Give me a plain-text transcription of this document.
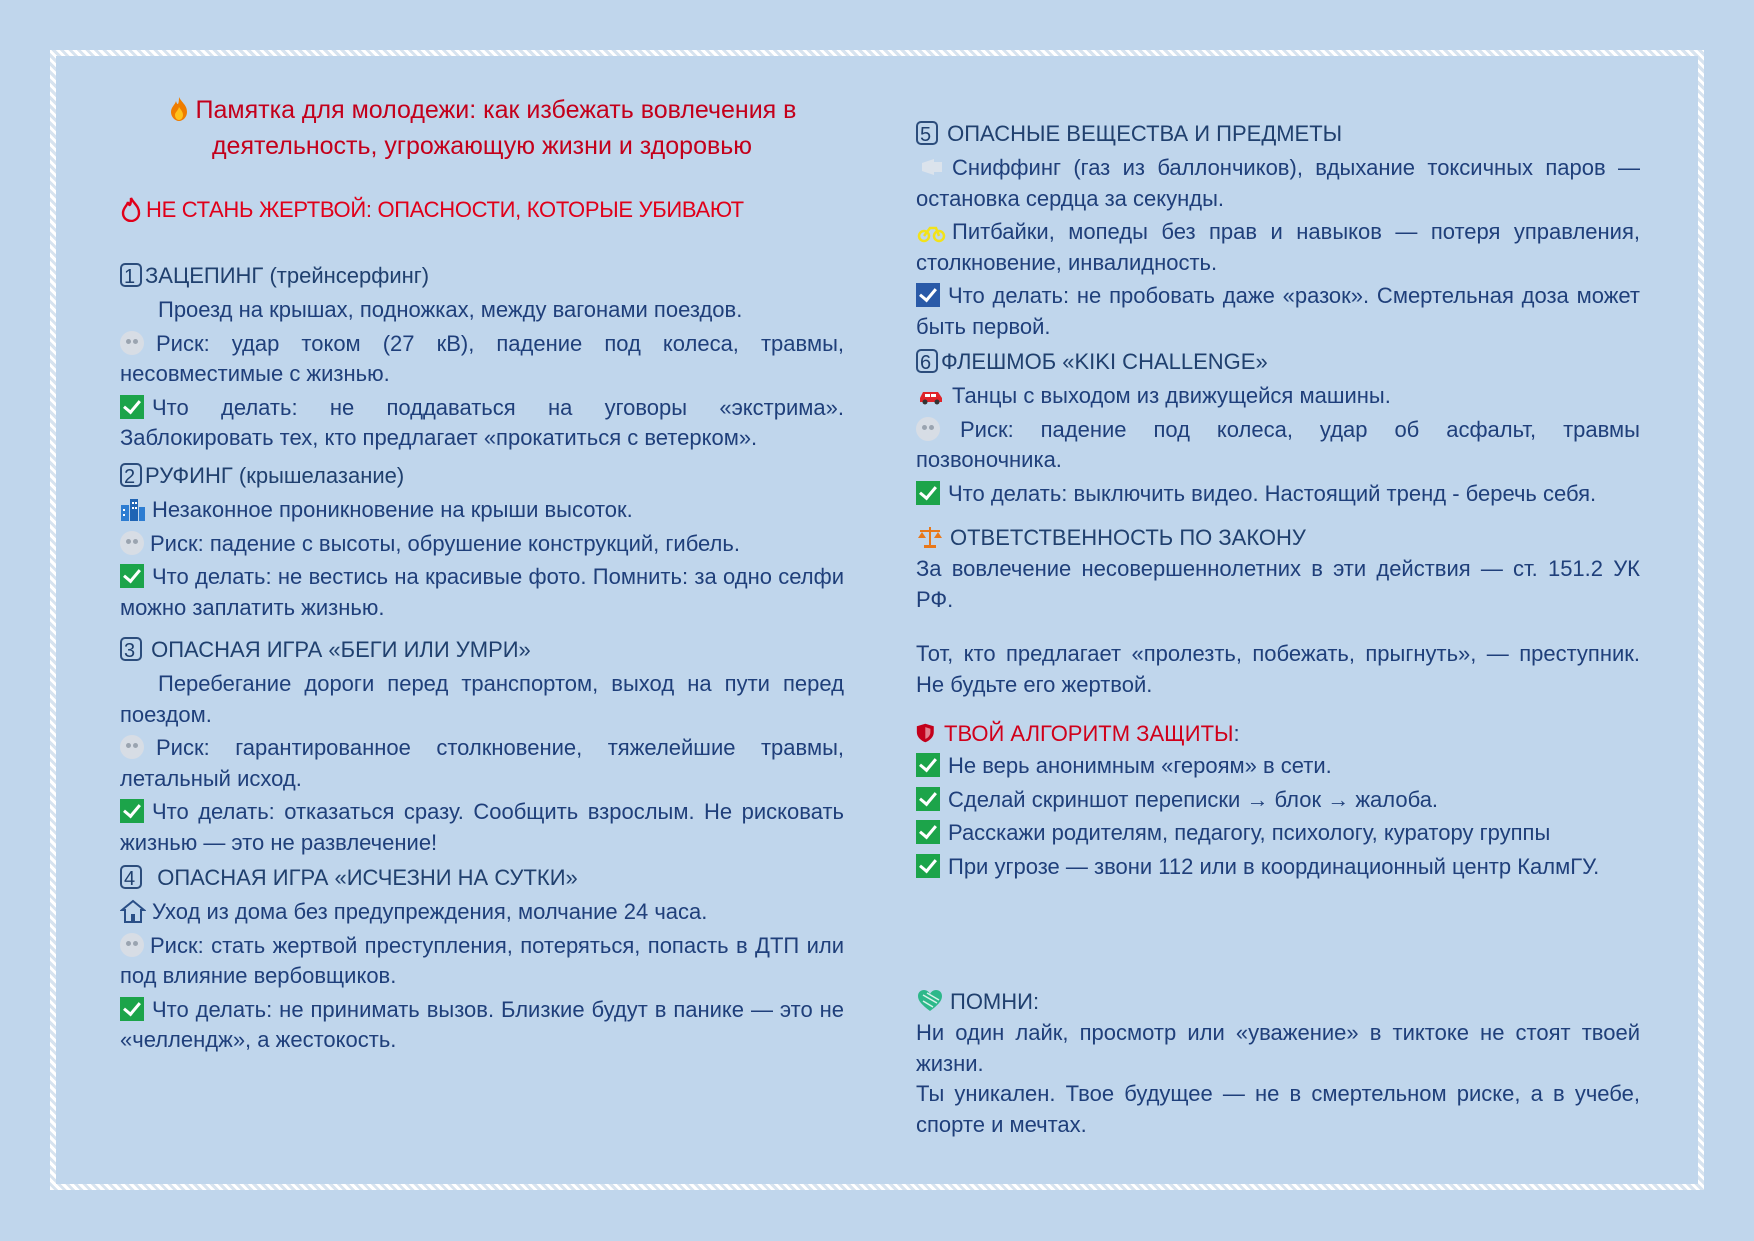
Памятка для молодежи: как избежать вовлечения в деятельность, угрожающую жизни и здоровью
НЕ СТАНЬ ЖЕРТВОЙ: ОПАСНОСТИ, КОТОРЫЕ УБИВАЮТ
1 ЗАЦЕПИНГ (трейнсерфинг)
Проезд на крышах, подножках, между вагонами поездов.
Риск: удар током (27 кВ), падение под колеса, травмы, несовместимые с жизнью.
Что делать: не поддаваться на уговоры «экстрима». Заблокировать тех, кто предлагает «прокатиться с ветерком».
2 РУФИНГ (крышелазание)
Незаконное проникновение на крыши высоток.
Риск: падение с высоты, обрушение конструкций, гибель.
Что делать: не вестись на красивые фото. Помнить: за одно селфи можно заплатить жизнью.
3 ОПАСНАЯ ИГРА «БЕГИ ИЛИ УМРИ»
Перебегание дороги перед транспортом, выход на пути перед поездом.
Риск: гарантированное столкновение, тяжелейшие травмы, летальный исход.
Что делать: отказаться сразу. Сообщить взрослым. Не рисковать жизнью — это не развлечение!
4 ОПАСНАЯ ИГРА «ИСЧЕЗНИ НА СУТКИ»
Уход из дома без предупреждения, молчание 24 часа.
Риск: стать жертвой преступления, потеряться, попасть в ДТП или под влияние вербовщиков.
Что делать: не принимать вызов. Близкие будут в панике — это не «челлендж», а жестокость.
5 ОПАСНЫЕ ВЕЩЕСТВА И ПРЕДМЕТЫ
Сниффинг (газ из баллончиков), вдыхание токсичных паров — остановка сердца за секунды.
Питбайки, мопеды без прав и навыков — потеря управления, столкновение, инвалидность.
Что делать: не пробовать даже «разок». Смертельная доза может быть первой.
6 ФЛЕШМОБ «KIKI CHALLENGE»
Танцы с выходом из движущейся машины.
Риск: падение под колеса, удар об асфальт, травмы позвоночника.
Что делать: выключить видео. Настоящий тренд - беречь себя.
ОТВЕТСТВЕННОСТЬ ПО ЗАКОНУ
За вовлечение несовершеннолетних в эти действия — ст. 151.2 УК РФ.
Тот, кто предлагает «пролезть, побежать, прыгнуть», — преступник. Не будьте его жертвой.
ТВОЙ АЛГОРИТМ ЗАЩИТЫ:
Не верь анонимным «героям» в сети.
Сделай скриншот переписки → блок → жалоба.
Расскажи родителям, педагогу, психологу, куратору группы
При угрозе — звони 112 или в координационный центр КалмГУ.
ПОМНИ:
Ни один лайк, просмотр или «уважение» в тиктоке не стоят твоей жизни.
Ты уникален. Твое будущее — не в смертельном риске, а в учебе, спорте и мечтах.
